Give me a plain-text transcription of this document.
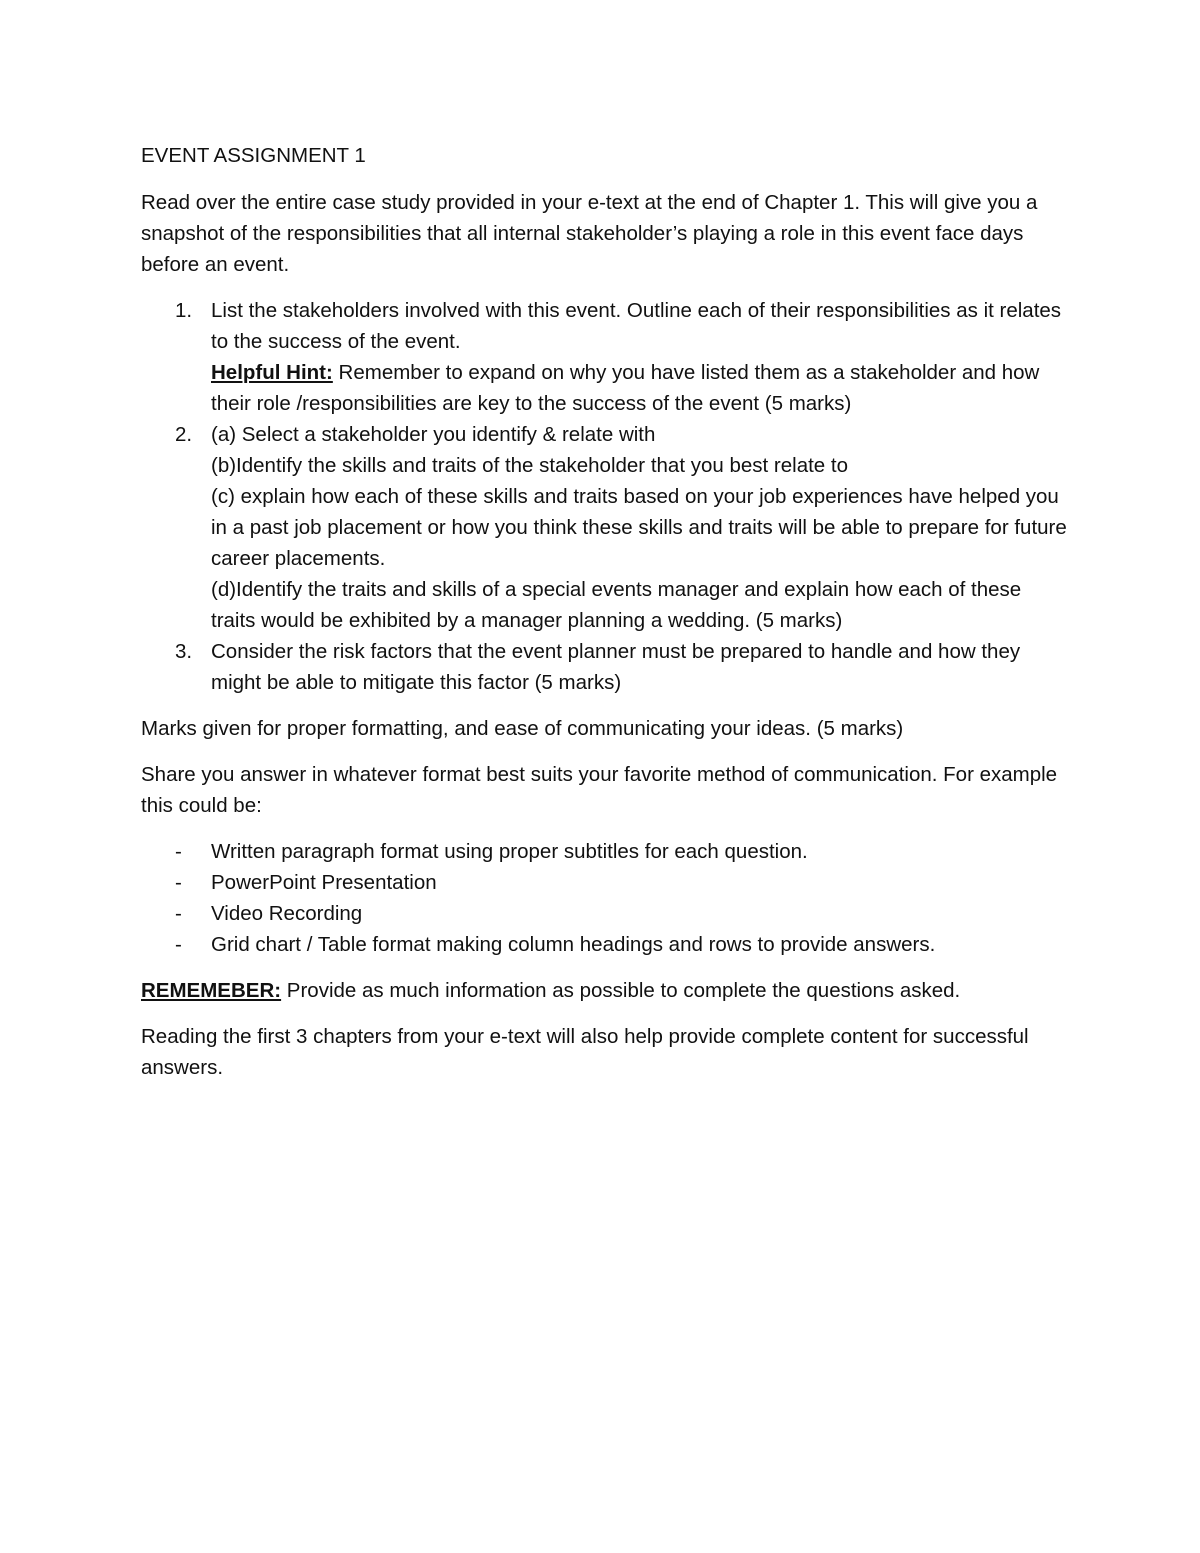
EVENT ASSIGNMENT 1

Read over the entire case study provided in your e-text at the end of Chapter 1. This will give you a snapshot of the responsibilities that all internal stakeholder’s playing a role in this event face days before an event.

1. List the stakeholders involved with this event. Outline each of their responsibilities as it relates to the success of the event.
Helpful Hint: Remember to expand on why you have listed them as a stakeholder and how their role /responsibilities are key to the success of the event (5 marks)
2. (a) Select a stakeholder you identify & relate with
(b)Identify the skills and traits of the stakeholder that you best relate to
(c) explain how each of these skills and traits based on your job experiences have helped you in a past job placement or how you think these skills and traits will be able to prepare for future career placements.
(d)Identify the traits and skills of a special events manager and explain how each of these traits would be exhibited by a manager planning a wedding. (5 marks)
3. Consider the risk factors that the event planner must be prepared to handle and how they might be able to mitigate this factor (5 marks)

Marks given for proper formatting, and ease of communicating your ideas. (5 marks)

Share you answer in whatever format best suits your favorite method of communication. For example this could be:

- Written paragraph format using proper subtitles for each question.
- PowerPoint Presentation
- Video Recording
- Grid chart / Table format making column headings and rows to provide answers.

REMEMEBER: Provide as much information as possible to complete the questions asked.

Reading the first 3 chapters from your e-text will also help provide complete content for successful answers.
